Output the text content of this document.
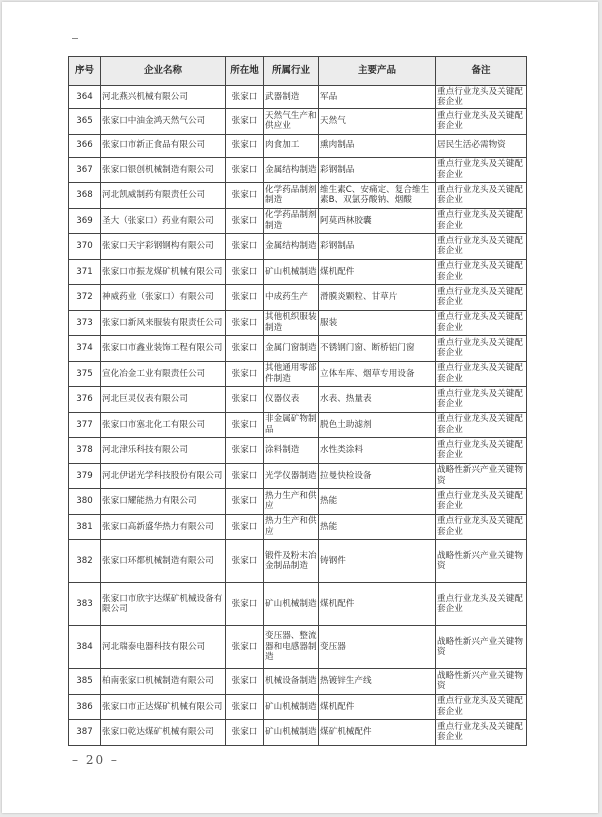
序号	企业名称	所在地	所属行业	主要产品	备注
364	河北燕兴机械有限公司	张家口	武器制造	军品	重点行业龙头及关键配套企业
365	张家口中油金鸿天然气公司	张家口	天然气生产和供应业	天然气	重点行业龙头及关键配套企业
366	张家口市新正食品有限公司	张家口	肉食加工	熏肉制品	居民生活必需物资
367	张家口银创机械制造有限公司	张家口	金属结构制造	彩钢制品	重点行业龙头及关键配套企业
368	河北凯威制药有限责任公司	张家口	化学药品制剂制造	维生素C、安痛定、复合维生素B、双氯芬酸钠、烟酸	重点行业龙头及关键配套企业
369	圣大（张家口）药业有限公司	张家口	化学药品制剂制造	阿莫西林胶囊	重点行业龙头及关键配套企业
370	张家口天宇彩钢钢构有限公司	张家口	金属结构制造	彩钢制品	重点行业龙头及关键配套企业
371	张家口市振龙煤矿机械有限公司	张家口	矿山机械制造	煤机配件	重点行业龙头及关键配套企业
372	神威药业（张家口）有限公司	张家口	中成药生产	滑膜炎颗粒、甘草片	重点行业龙头及关键配套企业
373	张家口新风来服装有限责任公司	张家口	其他机织服装制造	服装	重点行业龙头及关键配套企业
374	张家口市鑫业装饰工程有限公司	张家口	金属门窗制造	不锈钢门窗、断桥铝门窗	重点行业龙头及关键配套企业
375	宣化冶金工业有限责任公司	张家口	其他通用零部件制造	立体车库、烟草专用设备	重点行业龙头及关键配套企业
376	河北巨灵仪表有限公司	张家口	仪器仪表	水表、热量表	重点行业龙头及关键配套企业
377	张家口市塞北化工有限公司	张家口	非金属矿物制品	脱色土助滤剂	重点行业龙头及关键配套企业
378	河北津乐科技有限公司	张家口	涂料制造	水性类涂料	重点行业龙头及关键配套企业
379	河北伊诺光学科技股份有限公司	张家口	光学仪器制造	拉曼快检设备	战略性新兴产业关键物资
380	张家口耀能热力有限公司	张家口	热力生产和供应	热能	重点行业龙头及关键配套企业
381	张家口高新盛华热力有限公司	张家口	热力生产和供应	热能	重点行业龙头及关键配套企业
382	张家口环都机械制造有限公司	张家口	锻件及粉末冶金制品制造	铸钢件	战略性新兴产业关键物资
383	张家口市欣宇达煤矿机械设备有限公司	张家口	矿山机械制造	煤机配件	重点行业龙头及关键配套企业
384	河北瑞泰电器科技有限公司	张家口	变压器、整流器和电感器制造	变压器	战略性新兴产业关键物资
385	柏南张家口机械制造有限公司	张家口	机械设备制造	热镀锌生产线	战略性新兴产业关键物资
386	张家口市正达煤矿机械有限公司	张家口	矿山机械制造	煤机配件	重点行业龙头及关键配套企业
387	张家口乾达煤矿机械有限公司	张家口	矿山机械制造	煤矿机械配件	重点行业龙头及关键配套企业
– 20 –
